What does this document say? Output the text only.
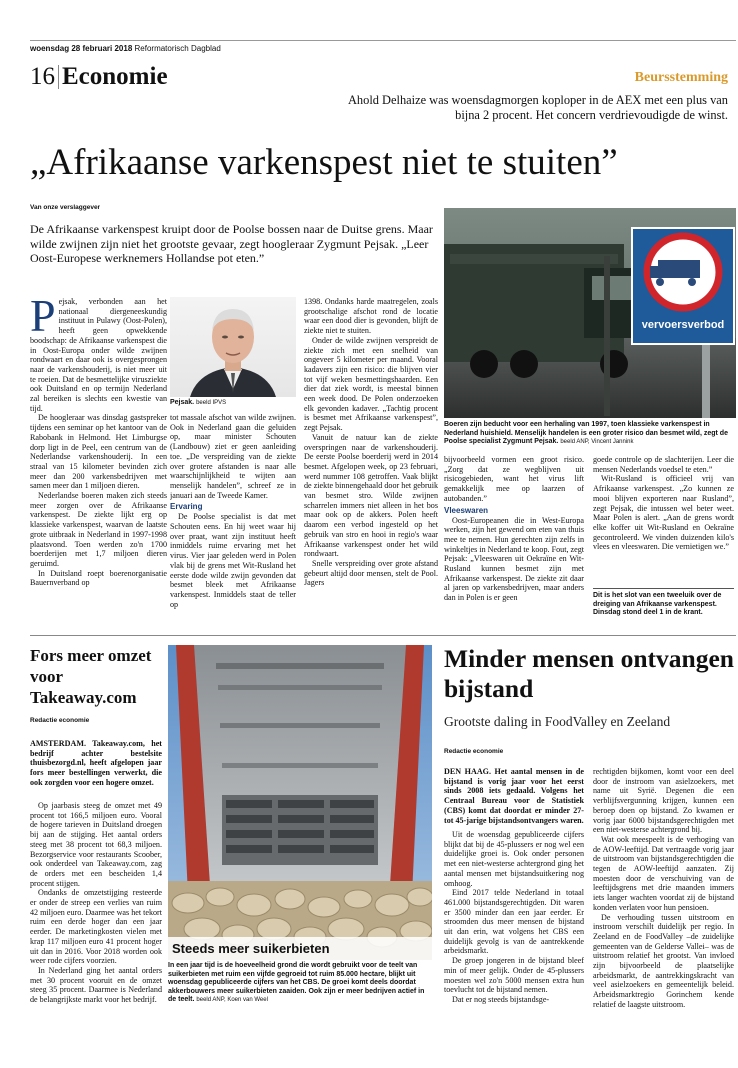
woensdag 28 februari 2018 Reformatorisch Dagblad
16 Economie	Beursstemming
Ahold Delhaize was woensdagmorgen koploper in de AEX met een plus van bijna 2 procent. Het concern verdrievoudigde de winst.
„Afrikaanse varkenspest niet te stuiten”
Van onze verslaggever
De Afrikaanse varkenspest kruipt door de Poolse bossen naar de Duitse grens. Maar wilde zwijnen zijn niet het grootste gevaar, zegt hoogleraar Zygmunt Pejsak. „Leer Oost-Europese werknemers Hollandse pot eten.”
P ejsak, verbonden aan het nationaal diergeneeskundig instituut in Pulawy (Oost-Polen), heeft geen opwekkende boodschap: de Afrikaanse varkenspest die in Oost-Europa onder wilde zwijnen rondwaart en daar ook is overgesprongen naar de varkenshouderij, is niet meer uit te roeien. Dat de besmettelijke virusziekte ook Duitsland en op termijn Nederland zal bereiken is slechts een kwestie van tijd.

De hoogleraar was dinsdag gastspreker tijdens een seminar op het kantoor van de Rabobank in Helmond. Het Limburgse dorp ligt in de Peel, een centrum van de Nederlandse varkenshouderij. In een straal van 15 kilometer bevinden zich meer dan 200 varkensbedrijven met samen meer dan 1 miljoen dieren.

Nederlandse boeren maken zich steeds meer zorgen over de Afrikaanse varkenspest. De ziekte lijkt erg op klassieke varkenspest, waarvan de laatste grote uitbraak in Nederland in 1997-1998 plaatsvond. Toen werden zo'n 1700 boerderijen met 1,7 miljoen dieren geruimd.

In Duitsland roept boerenorganisatie Bauernverband op

Pejsak. beeld IPVS

tot massale afschot van wilde zwijnen. Ook in Nederland gaan die geluiden op, maar minister Schouten (Landbouw) ziet er geen aanleiding toe. „De verspreiding van de ziekte over grotere afstanden is naar alle waarschijnlijkheid te wijten aan menselijk handelen”, schreef ze in januari aan de Tweede Kamer.

Ervaring

De Poolse specialist is dat met Schouten eens. En hij weet waar hij over praat, want zijn instituut heeft inmiddels ruime ervaring met het virus. Vier jaar geleden werd in Polen vlak bij de grens met Wit-Rusland het eerste dode wilde zwijn gevonden dat besmet bleek met Afrikaanse varkenspest. Inmiddels staat de teller op

1398. Ondanks harde maatregelen, zoals grootschalige afschot rond de locatie waar een dood dier is gevonden, blijft de ziekte niet te stuiten.

Onder de wilde zwijnen verspreidt de ziekte zich met een snelheid van ongeveer 5 kilometer per maand. Vooral kadavers zijn een risico: die blijven vier tot vijf weken besmettingshaarden. Een dier dat ziek wordt, is meestal binnen een week dood. De Polen onderzoeken elk gevonden kadaver. „Tachtig procent is besmet met Afrikaanse varkenspest”, zegt Pejsak.

Vanuit de natuur kan de ziekte overspringen naar de varkenshouderij. De eerste Poolse boerderij werd in 2014 besmet. Afgelopen week, op 23 februari, werd nummer 108 getroffen. Vaak blijkt de ziekte binnengehaald door het gebruik van besmet stro. Wilde zwijnen scharrelen immers niet alleen in het bos maar ook op de akkers. Polen heeft daarom een verbod ingesteld op het gebruik van stro en hooi in regio's waar Afrikaanse varkenspest onder het wild rondwaart.

Snelle verspreiding over grote afstand gebeurt altijd door mensen, stelt de Pool. Jagers

vervoersverbod
Boeren zijn beducht voor een herhaling van 1997, toen klassieke varkenspest in Nederland huishield. Menselijk handelen is een groter risico dan besmet wild, zegt de Poolse specialist Zygmunt Pejsak. beeld ANP, Vincent Jannink

bijvoorbeeld vormen een groot risico. „Zorg dat ze wegblijven uit risicogebieden, want het virus lift gemakkelijk mee op laarzen of autobanden.”

Vleeswaren

Oost-Europeanen die in West-Europa werken, zijn het gewend om eten van thuis mee te nemen. Hun gerechten zijn zelfs in winkeltjes in Nederland te koop. Fout, zegt Pejsak: „Vleeswaren uit Oekraïne en Wit-Rusland kunnen besmet zijn met Afrikaanse varkenspest. De ziekte zit daar al jaren op varkensbedrijven, maar anders dan in Polen is er geen

goede controle op de slachterijen. Leer die mensen Nederlands voedsel te eten.”

Wit-Rusland is officieel vrij van Afrikaanse varkenspest. „Zo kunnen ze mooi blijven exporteren naar Rusland”, zegt Pejsak, die intussen wel beter weet. Maar Polen is alert. „Aan de grens wordt elke koffer uit Wit-Rusland en Oekraïne gecontroleerd. We vinden duizenden kilo's vlees en vleeswaren. Die vernietigen we.”

Dit is het slot van een tweeluik over de dreiging van Afrikaanse varkenspest. Dinsdag stond deel 1 in de krant.
Fors meer omzet voor Takeaway.com
Redactie economie

AMSTERDAM. Takeaway.com, het bedrijf achter bestelsite thuisbezorgd.nl, heeft afgelopen jaar fors meer bestellingen verwerkt, die ook zorgden voor een hogere omzet.

Op jaarbasis steeg de omzet met 49 procent tot 166,5 miljoen euro. Vooral de hogere tarieven in Duitsland droegen bij aan de stijging. Het aantal orders steeg met 38 procent tot 68,3 miljoen. Bezorgservice voor restaurants Scoober, ook onderdeel van Takeaway.com, zag de orders met een bescheiden 1,4 procent stijgen.

Ondanks de omzetstijging resteerde er onder de streep een verlies van ruim 42 miljoen euro. Daarmee was het tekort ruim een derde hoger dan een jaar eerder. De marketingkosten vielen met krap 117 miljoen euro 41 procent hoger uit dan in 2016. Voor 2018 worden ook weer rode cijfers voorzien.

In Nederland ging het aantal orders met 30 procent vooruit en de omzet steeg 35 procent. Daarmee is Nederland de belangrijkste markt voor het bedrijf.

Steeds meer suikerbieten
In een jaar tijd is de hoeveelheid grond die wordt gebruikt voor de teelt van suikerbieten met ruim een vijfde gegroeid tot ruim 85.000 hectare, blijkt uit woensdag gepubliceerde cijfers van het CBS. De groei komt deels doordat akkerbouwers meer suikerbieten zaaiden. Ook zijn er meer bedrijven actief in de teelt. beeld ANP, Koen van Weel
Minder mensen ontvangen bijstand
Grootste daling in FoodValley en Zeeland
Redactie economie

DEN HAAG. Het aantal mensen in de bijstand is vorig jaar voor het eerst sinds 2008 iets gedaald. Volgens het Centraal Bureau voor de Statistiek (CBS) komt dat doordat er minder 27- tot 45-jarige bijstandsontvangers waren.

Uit de woensdag gepubliceerde cijfers blijkt dat bij de 45-plussers er nog wel een duidelijke groei is. Ook onder personen met een niet-westerse achtergrond ging het aantal mensen met bijstandsuitkering nog omhoog.

Eind 2017 telde Nederland in totaal 461.000 bijstandsgerechtigden. Dit waren er 3500 minder dan een jaar eerder. Er stroomden dus meer mensen de bijstand uit dan erin, wat volgens het CBS een duidelijk gevolg is van de aantrekkende arbeidsmarkt.

De groep jongeren in de bijstand bleef min of meer gelijk. Onder de 45-plussers moesten wel zo'n 5000 mensen extra hun toevlucht tot de bijstand nemen.

Dat er nog steeds bijstandsge-

rechtigden bijkomen, komt voor een deel door de instroom van asielzoekers, met name uit Syrië. Degenen die een verblijfsvergunning krijgen, kunnen een beroep doen op bijstand. Zo kwamen er vorig jaar 6000 bijstandsgerechtigden met een niet-westerse achtergrond bij.

Wat ook meespeelt is de verhoging van de AOW-leeftijd. Dat vertraagde vorig jaar de uitstroom van bijstandsgerechtigden die tegen de AOW-leeftijd aanzaten. Zij moesten door de verschuiving van de leeftijdsgrens met drie maanden immers iets langer wachten voordat zij de bijstand konden verlaten voor hun pensioen.

De verhouding tussen uitstroom en instroom verschilt duidelijk per regio. In Zeeland en de FoodValley –de zuidelijke gemeenten van de Gelderse Vallei– was de uitstroom relatief het grootst. Van invloed zijn bijvoorbeeld de plaatselijke arbeidsmarkt, de aantrekkingskracht van veel asielzoekers en gemeentelijk beleid. Arbeidsmarktregio Gorinchem kende relatief de laagste uitstroom.
